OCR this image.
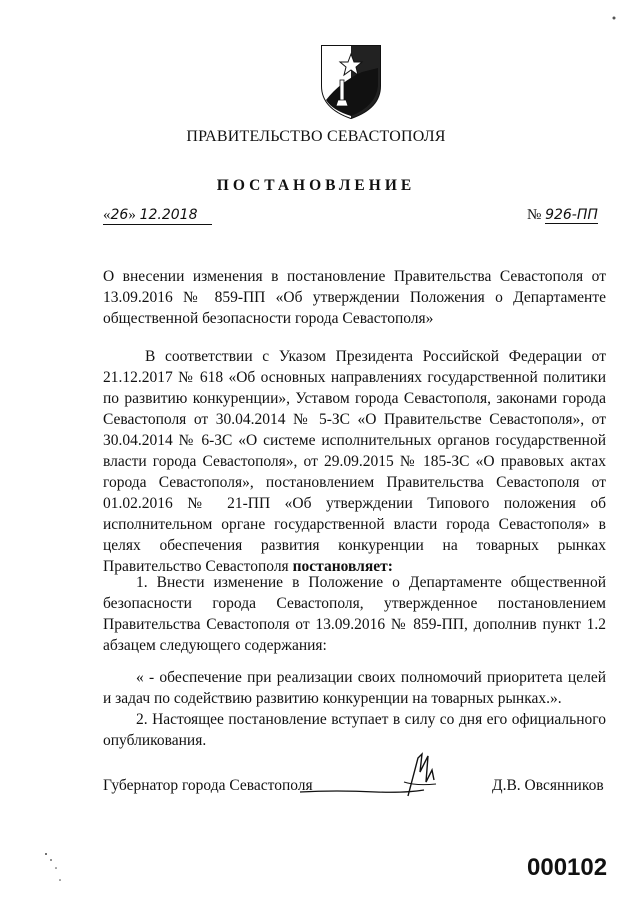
ПРАВИТЕЛЬСТВО СЕВАСТОПОЛЯ
ПОСТАНОВЛЕНИЕ
«26» 12.2018	№ 926-ПП
О внесении изменения в постановление Правительства Севастополя от 13.09.2016 № 859-ПП «Об утверждении Положения о Департаменте общественной безопасности города Севастополя»
В соответствии с Указом Президента Российской Федерации от 21.12.2017 № 618 «Об основных направлениях государственной политики по развитию конкуренции», Уставом города Севастополя, законами города Севастополя от 30.04.2014 № 5-ЗС «О Правительстве Севастополя», от 30.04.2014 № 6-ЗС «О системе исполнительных органов государственной власти города Севастополя», от 29.09.2015 № 185-ЗС «О правовых актах города Севастополя», постановлением Правительства Севастополя от 01.02.2016 № 21-ПП «Об утверждении Типового положения об исполнительном органе государственной власти города Севастополя» в целях обеспечения развития конкуренции на товарных рынках Правительство Севастополя постановляет:
1. Внести изменение в Положение о Департаменте общественной безопасности города Севастополя, утвержденное постановлением Правительства Севастополя от 13.09.2016 № 859-ПП, дополнив пункт 1.2 абзацем следующего содержания:
« - обеспечение при реализации своих полномочий приоритета целей и задач по содействию развитию конкуренции на товарных рынках.».
2. Настоящее постановление вступает в силу со дня его официального опубликования.
Губернатор города Севастополя	Д.В. Овсянников
000102
